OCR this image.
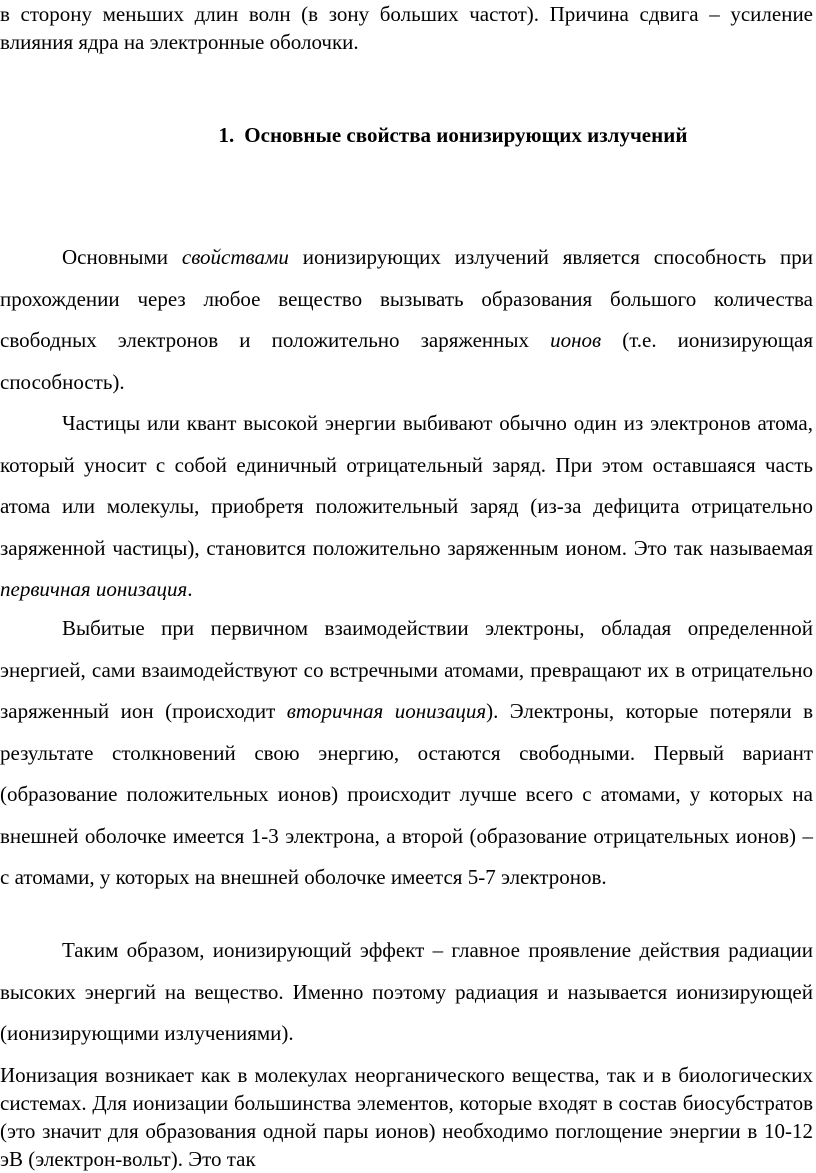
в сторону меньших длин волн (в зону больших частот). Причина сдвига – усиление влияния ядра на электронные оболочки.

1. Основные свойства ионизирующих излучений

Основными свойствами ионизирующих излучений является способность при прохождении через любое вещество вызывать образования большого количества свободных электронов и положительно заряженных ионов (т.е. ионизирующая способность).

Частицы или квант высокой энергии выбивают обычно один из электронов атома, который уносит с собой единичный отрицательный заряд. При этом оставшаяся часть атома или молекулы, приобретя положительный заряд (из-за дефицита отрицательно заряженной частицы), становится положительно заряженным ионом. Это так называемая первичная ионизация.

Выбитые при первичном взаимодействии электроны, обладая определенной энергией, сами взаимодействуют со встречными атомами, превращают их в отрицательно заряженный ион (происходит вторичная ионизация). Электроны, которые потеряли в результате столкновений свою энергию, остаются свободными. Первый вариант (образование положительных ионов) происходит лучше всего с атомами, у которых на внешней оболочке имеется 1-3 электрона, а второй (образование отрицательных ионов) – с атомами, у которых на внешней оболочке имеется 5-7 электронов.

Таким образом, ионизирующий эффект – главное проявление действия радиации высоких энергий на вещество. Именно поэтому радиация и называется ионизирующей (ионизирующими излучениями).

Ионизация возникает как в молекулах неорганического вещества, так и в биологических системах. Для ионизации большинства элементов, которые входят в состав биосубстратов (это значит для образования одной пары ионов) необходимо поглощение энергии в 10-12 эВ (электрон-вольт). Это так
